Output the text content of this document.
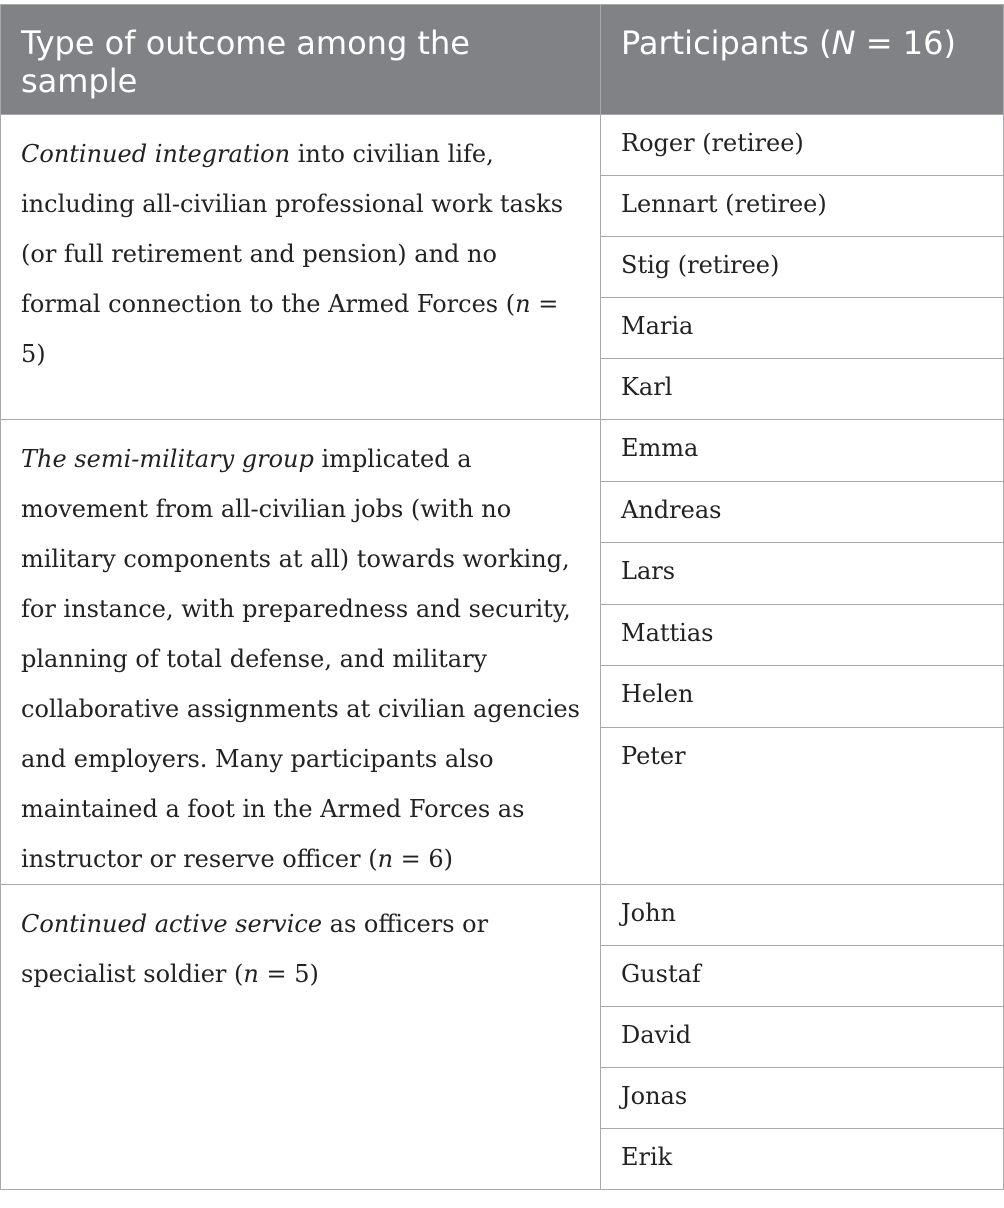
Type of outcome among the sample	Participants (N = 16)
Continued integration into civilian life, including all-civilian professional work tasks (or full retirement and pension) and no formal connection to the Armed Forces (n = 5)	Roger (retiree)
	Lennart (retiree)
	Stig (retiree)
	Maria
	Karl
The semi-military group implicated a movement from all-civilian jobs (with no military components at all) towards working, for instance, with preparedness and security, planning of total defense, and military collaborative assignments at civilian agencies and employers. Many participants also maintained a foot in the Armed Forces as instructor or reserve officer (n = 6)	Emma
	Andreas
	Lars
	Mattias
	Helen
	Peter
Continued active service as officers or specialist soldier (n = 5)	John
	Gustaf
	David
	Jonas
	Erik
